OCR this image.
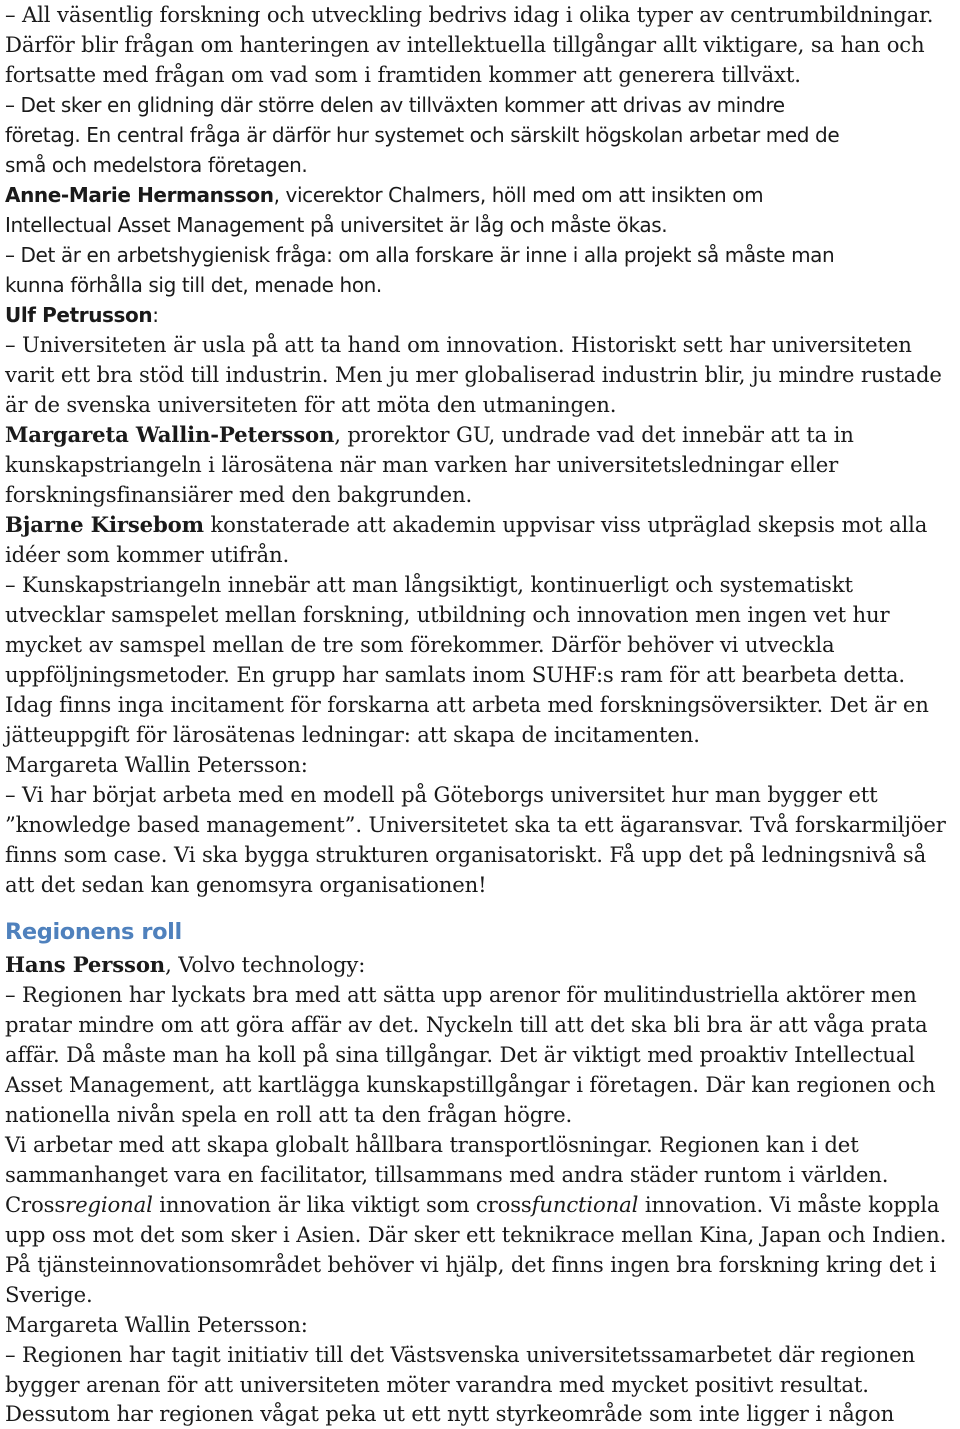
– All väsentlig forskning och utveckling bedrivs idag i olika typer av centrumbildningar.
Därför blir frågan om hanteringen av intellektuella tillgångar allt viktigare, sa han och
fortsatte med frågan om vad som i framtiden kommer att generera tillväxt.
– Det sker en glidning där större delen av tillväxten kommer att drivas av mindre
företag. En central fråga är därför hur systemet och särskilt högskolan arbetar med de
små och medelstora företagen.
Anne-Marie Hermansson, vicerektor Chalmers, höll med om att insikten om
Intellectual Asset Management på universitet är låg och måste ökas.
– Det är en arbetshygienisk fråga: om alla forskare är inne i alla projekt så måste man
kunna förhålla sig till det, menade hon.
Ulf Petrusson:
– Universiteten är usla på att ta hand om innovation. Historiskt sett har universiteten
varit ett bra stöd till industrin. Men ju mer globaliserad industrin blir, ju mindre rustade
är de svenska universiteten för att möta den utmaningen.
Margareta Wallin-Petersson, prorektor GU, undrade vad det innebär att ta in
kunskapstriangeln i lärosätena när man varken har universitetsledningar eller
forskningsfinansiärer med den bakgrunden.
Bjarne Kirsebom konstaterade att akademin uppvisar viss utpräglad skepsis mot alla
idéer som kommer utifrån.
– Kunskapstriangeln innebär att man långsiktigt, kontinuerligt och systematiskt
utvecklar samspelet mellan forskning, utbildning och innovation men ingen vet hur
mycket av samspel mellan de tre som förekommer. Därför behöver vi utveckla
uppföljningsmetoder. En grupp har samlats inom SUHF:s ram för att bearbeta detta.
Idag finns inga incitament för forskarna att arbeta med forskningsöversikter. Det är en
jätteuppgift för lärosätenas ledningar: att skapa de incitamenten.
Margareta Wallin Petersson:
– Vi har börjat arbeta med en modell på Göteborgs universitet hur man bygger ett
”knowledge based management”. Universitetet ska ta ett ägaransvar. Två forskarmiljöer
finns som case. Vi ska bygga strukturen organisatoriskt. Få upp det på ledningsnivå så
att det sedan kan genomsyra organisationen!
Regionens roll
Hans Persson, Volvo technology:
– Regionen har lyckats bra med att sätta upp arenor för mulitindustriella aktörer men
pratar mindre om att göra affär av det. Nyckeln till att det ska bli bra är att våga prata
affär. Då måste man ha koll på sina tillgångar. Det är viktigt med proaktiv Intellectual
Asset Management, att kartlägga kunskapstillgångar i företagen. Där kan regionen och
nationella nivån spela en roll att ta den frågan högre.
Vi arbetar med att skapa globalt hållbara transportlösningar. Regionen kan i det
sammanhanget vara en facilitator, tillsammans med andra städer runtom i världen.
Crossregional innovation är lika viktigt som crossfunctional innovation. Vi måste koppla
upp oss mot det som sker i Asien. Där sker ett teknikrace mellan Kina, Japan och Indien.
På tjänsteinnovationsområdet behöver vi hjälp, det finns ingen bra forskning kring det i
Sverige.
Margareta Wallin Petersson:
– Regionen har tagit initiativ till det Västsvenska universitetssamarbetet där regionen
bygger arenan för att universiteten möter varandra med mycket positivt resultat.
Dessutom har regionen vågat peka ut ett nytt styrkeområde som inte ligger i någon
